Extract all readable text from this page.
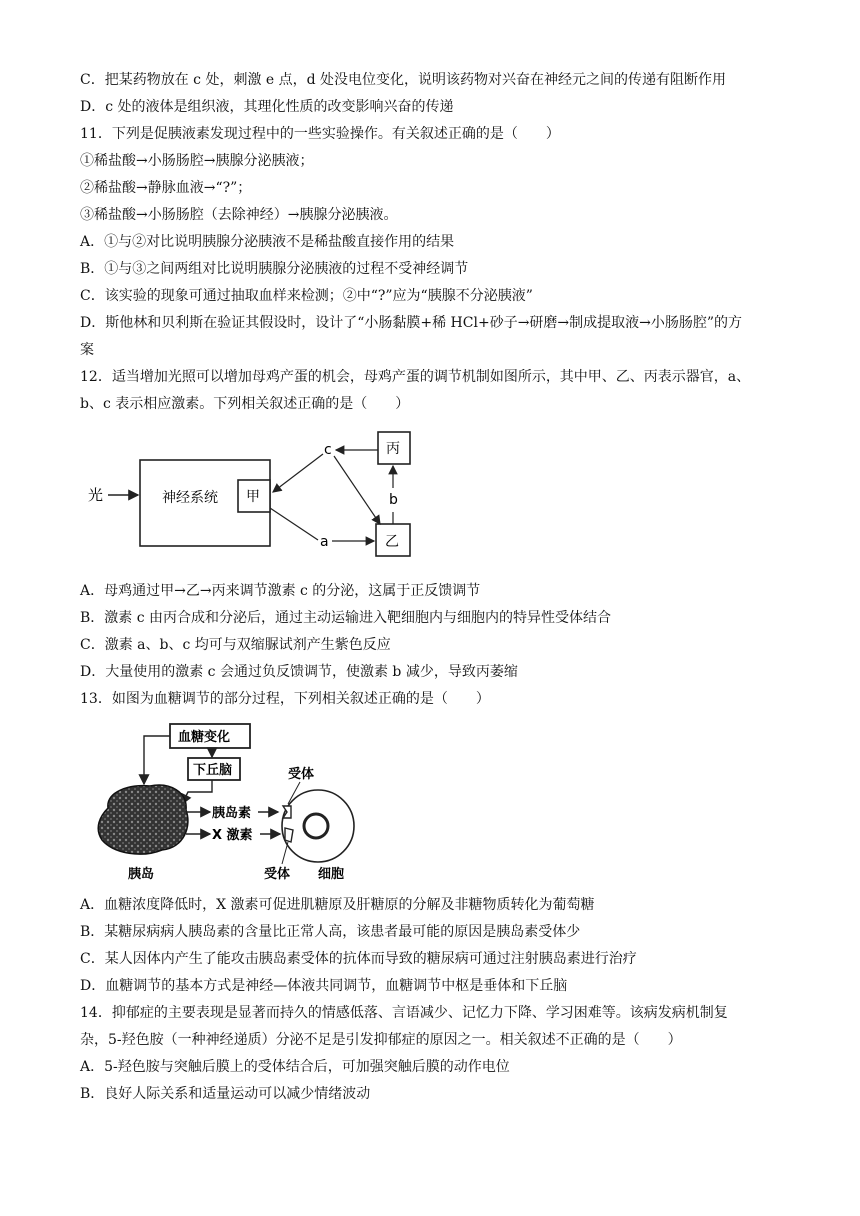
C．把某药物放在 c 处，刺激 e 点，d 处没电位变化，说明该药物对兴奋在神经元之间的传递有阻断作用
D．c 处的液体是组织液，其理化性质的改变影响兴奋的传递
11．下列是促胰液素发现过程中的一些实验操作。有关叙述正确的是（　　）
①稀盐酸→小肠肠腔→胰腺分泌胰液；
②稀盐酸→静脉血液→“?”；
③稀盐酸→小肠肠腔（去除神经）→胰腺分泌胰液。
A．①与②对比说明胰腺分泌胰液不是稀盐酸直接作用的结果
B．①与③之间两组对比说明胰腺分泌胰液的过程不受神经调节
C．该实验的现象可通过抽取血样来检测；②中“?”应为“胰腺不分泌胰液”
D．斯他林和贝利斯在验证其假设时，设计了“小肠黏膜+稀 HCl+砂子→研磨→制成提取液→小肠肠腔”的方
案
12．适当增加光照可以增加母鸡产蛋的机会，母鸡产蛋的调节机制如图所示，其中甲、乙、丙表示器官，a、
b、c 表示相应激素。下列相关叙述正确的是（　　）
光	神经系统 甲
丙
乙
c
a
b
A．母鸡通过甲→乙→丙来调节激素 c 的分泌，这属于正反馈调节
B．激素 c 由丙合成和分泌后，通过主动运输进入靶细胞内与细胞内的特异性受体结合
C．激素 a、b、c 均可与双缩脲试剂产生紫色反应
D．大量使用的激素 c 会通过负反馈调节，使激素 b 减少，导致丙萎缩
13．如图为血糖调节的部分过程，下列相关叙述正确的是（　　）
血糖变化
下丘脑
胰岛素
X 激素
受体
受体 细胞
胰岛
A．血糖浓度降低时，X 激素可促进肌糖原及肝糖原的分解及非糖物质转化为葡萄糖
B．某糖尿病病人胰岛素的含量比正常人高，该患者最可能的原因是胰岛素受体少
C．某人因体内产生了能攻击胰岛素受体的抗体而导致的糖尿病可通过注射胰岛素进行治疗
D．血糖调节的基本方式是神经—体液共同调节，血糖调节中枢是垂体和下丘脑
14．抑郁症的主要表现是显著而持久的情感低落、言语减少、记忆力下降、学习困难等。该病发病机制复
杂，5-羟色胺（一种神经递质）分泌不足是引发抑郁症的原因之一。相关叙述不正确的是（　　）
A．5-羟色胺与突触后膜上的受体结合后，可加强突触后膜的动作电位
B．良好人际关系和适量运动可以减少情绪波动
